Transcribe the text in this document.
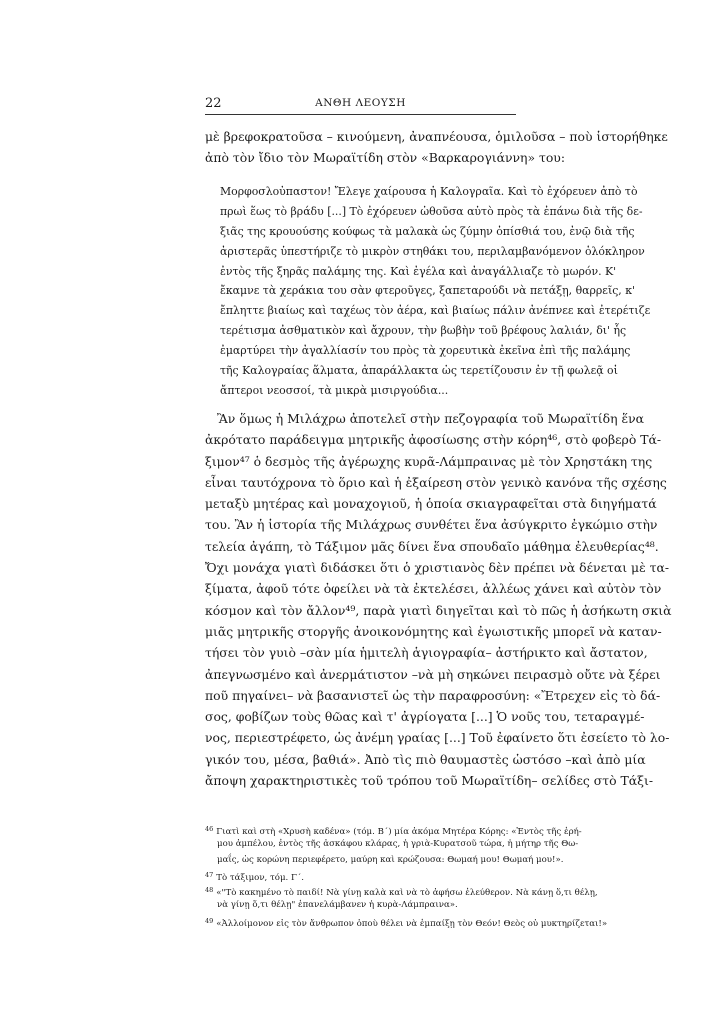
22	ΑΝΘΗ ΛΕΟΥΣΗ
μὲ βρεφοκρατοῦσα – κινούμενη, ἀναπνέουσα, ὁμιλοῦσα – ποὺ ἱστορήθηκε
ἀπὸ τὸν ἴδιο τὸν Μωραϊτίδη στὸν «Βαρκαρογιάννη» του:
Μορφοσλοὐπαστον! Ἔλεγε χαίρουσα ἡ Καλογραῖα. Καὶ τὸ ἐχόρευεν ἀπὸ τὸ
πρωὶ ἕως τὸ βράδυ [...] Τὸ ἐχόρευεν ὠθοῦσα αὐτὸ πρὸς τὰ ἐπάνω διὰ τῆς δε-
ξιᾶς της κρουούσης κούφως τὰ μαλακὰ ὡς ζύμην ὀπίσθιά του, ἐνῷ διὰ τῆς
ἀριστερᾶς ὑπεστήριζε τὸ μικρὸν στηθάκι του, περιλαμβανόμενον ὁλόκληρον
ἐντὸς τῆς ξηρᾶς παλάμης της. Καὶ ἐγέλα καὶ ἀναγάλλιαζε τὸ μωρόν. Κ'
ἔκαμνε τὰ χεράκια του σὰν φτεροῦγες, ξαπεταρούδι νὰ πετάξῃ, θαρρεῖς, κ'
ἔπληττε βιαίως καὶ ταχέως τὸν ἀέρα, καὶ βιαίως πάλιν ἀνέπνεε καὶ ἐτερέτιζε
τερέτισμα ἀσθματικὸν καὶ ἄχρουν, τὴν βωβὴν τοῦ βρέφους λαλιάν, δι' ἧς
ἐμαρτύρει τὴν ἀγαλλίασίν του πρὸς τὰ χορευτικὰ ἐκεῖνα ἐπὶ τῆς παλάμης
τῆς Καλογραίας ἅλματα, ἀπαράλλακτα ὡς τερετίζουσιν ἐν τῇ φωλεᾷ οἱ
ἄπτεροι νεοσσοί, τὰ μικρὰ μισιργούδια...
Ἂν ὅμως ἡ Μιλάχρω ἀποτελεῖ στὴν πεζογραφία τοῦ Μωραϊτίδη ἕνα
ἀκρότατο παράδειγμα μητρικῆς ἀφοσίωσης στὴν κόρη⁴⁶, στὸ φοβερὸ Τά-
ξιμον⁴⁷ ὁ δεσμὸς τῆς ἀγέρωχης κυρᾶ-Λάμπραινας μὲ τὸν Χρηστάκη της
εἶναι ταυτόχρονα τὸ ὅριο καὶ ἡ ἐξαίρεση στὸν γενικὸ κανόνα τῆς σχέσης
μεταξὺ μητέρας καὶ μοναχογιοῦ, ἡ ὁποία σκιαγραφεῖται στὰ διηγήματά
του. Ἂν ἡ ἱστορία τῆς Μιλάχρως συνθέτει ἕνα ἀσύγκριτο ἐγκώμιο στὴν
τελεία ἀγάπη, τὸ Τάξιμον μᾶς δίνει ἕνα σπουδαῖο μάθημα ἐλευθερίας⁴⁸.
Ὄχι μονάχα γιατὶ διδάσκει ὅτι ὁ χριστιανὸς δὲν πρέπει νὰ δένεται μὲ τα-
ξίματα, ἀφοῦ τότε ὀφείλει νὰ τὰ ἐκτελέσει, ἀλλέως χάνει καὶ αὐτὸν τὸν
κόσμον καὶ τὸν ἄλλον⁴⁹, παρὰ γιατὶ διηγεῖται καὶ τὸ πῶς ἡ ἀσήκωτη σκιὰ
μιᾶς μητρικῆς στοργῆς ἀνοικονόμητης καὶ ἐγωιστικῆς μπορεῖ νὰ καταν-
τήσει τὸν γυιὸ –σὰν μία ἡμιτελὴ ἁγιογραφία– ἀστήρικτο καὶ ἄστατον,
ἀπεγνωσμένο καὶ ἀνερμάτιστον –νὰ μὴ σηκώνει πειρασμὸ οὔτε νὰ ξέρει
ποῦ πηγαίνει– νὰ βασανιστεῖ ὡς τὴν παραφροσύνη: «Ἔτρεχεν εἰς τὸ δά-
σος, φοβίζων τοὺς θῶας καὶ τ' ἀγρίογατα [...] Ὁ νοῦς του, τεταραγμέ-
νος, περιεστρέφετο, ὡς ἀνέμη γραίας [...] Τοῦ ἐφαίνετο ὅτι ἐσείετο τὸ λο-
γικόν του, μέσα, βαθιά». Ἀπὸ τὶς πιὸ θαυμαστὲς ὡστόσο –καὶ ἀπὸ μία
ἄποψη χαρακτηριστικὲς τοῦ τρόπου τοῦ Μωραϊτίδη– σελίδες στὸ Τάξι-
$^{46}$ Γιατὶ καὶ στὴ «Χρυσὴ καδένα» (τόμ. Β΄) μία ἀκόμα Μητέρα Κόρης: «Ἐντὸς τῆς ἐρή-
μου ἀμπέλου, ἐντὸς τῆς ἀσκάφου κλάρας, ἡ γριὰ-Κυρατσοῦ τώρα, ἡ μήτηρ τῆς Θω-
μαΐς, ὡς κορώνη περιεφέρετο, μαύρη καὶ κρώζουσα: Θωμαή μου! Θωμαή μου!».
$^{47}$ Τὸ τάξιμον, τόμ. Γ΄.
$^{48}$ «"Τὸ κακημένο τὸ παιδί! Νὰ γίνῃ καλὰ καὶ νὰ τὸ ἀφήσω ἐλεύθερον. Νὰ κάνῃ ὅ,τι θέλῃ,
νὰ γίνῃ ὅ,τι θέλῃ" ἐπανελάμβανεν ἡ κυρὰ-Λάμπραινα».
$^{49}$ «Ἀλλοίμονον εἰς τὸν ἄνθρωπον ὁποὺ θέλει νὰ ἐμπαίξῃ τὸν Θεόν! Θεὸς οὐ μυκτηρίζεται!»
